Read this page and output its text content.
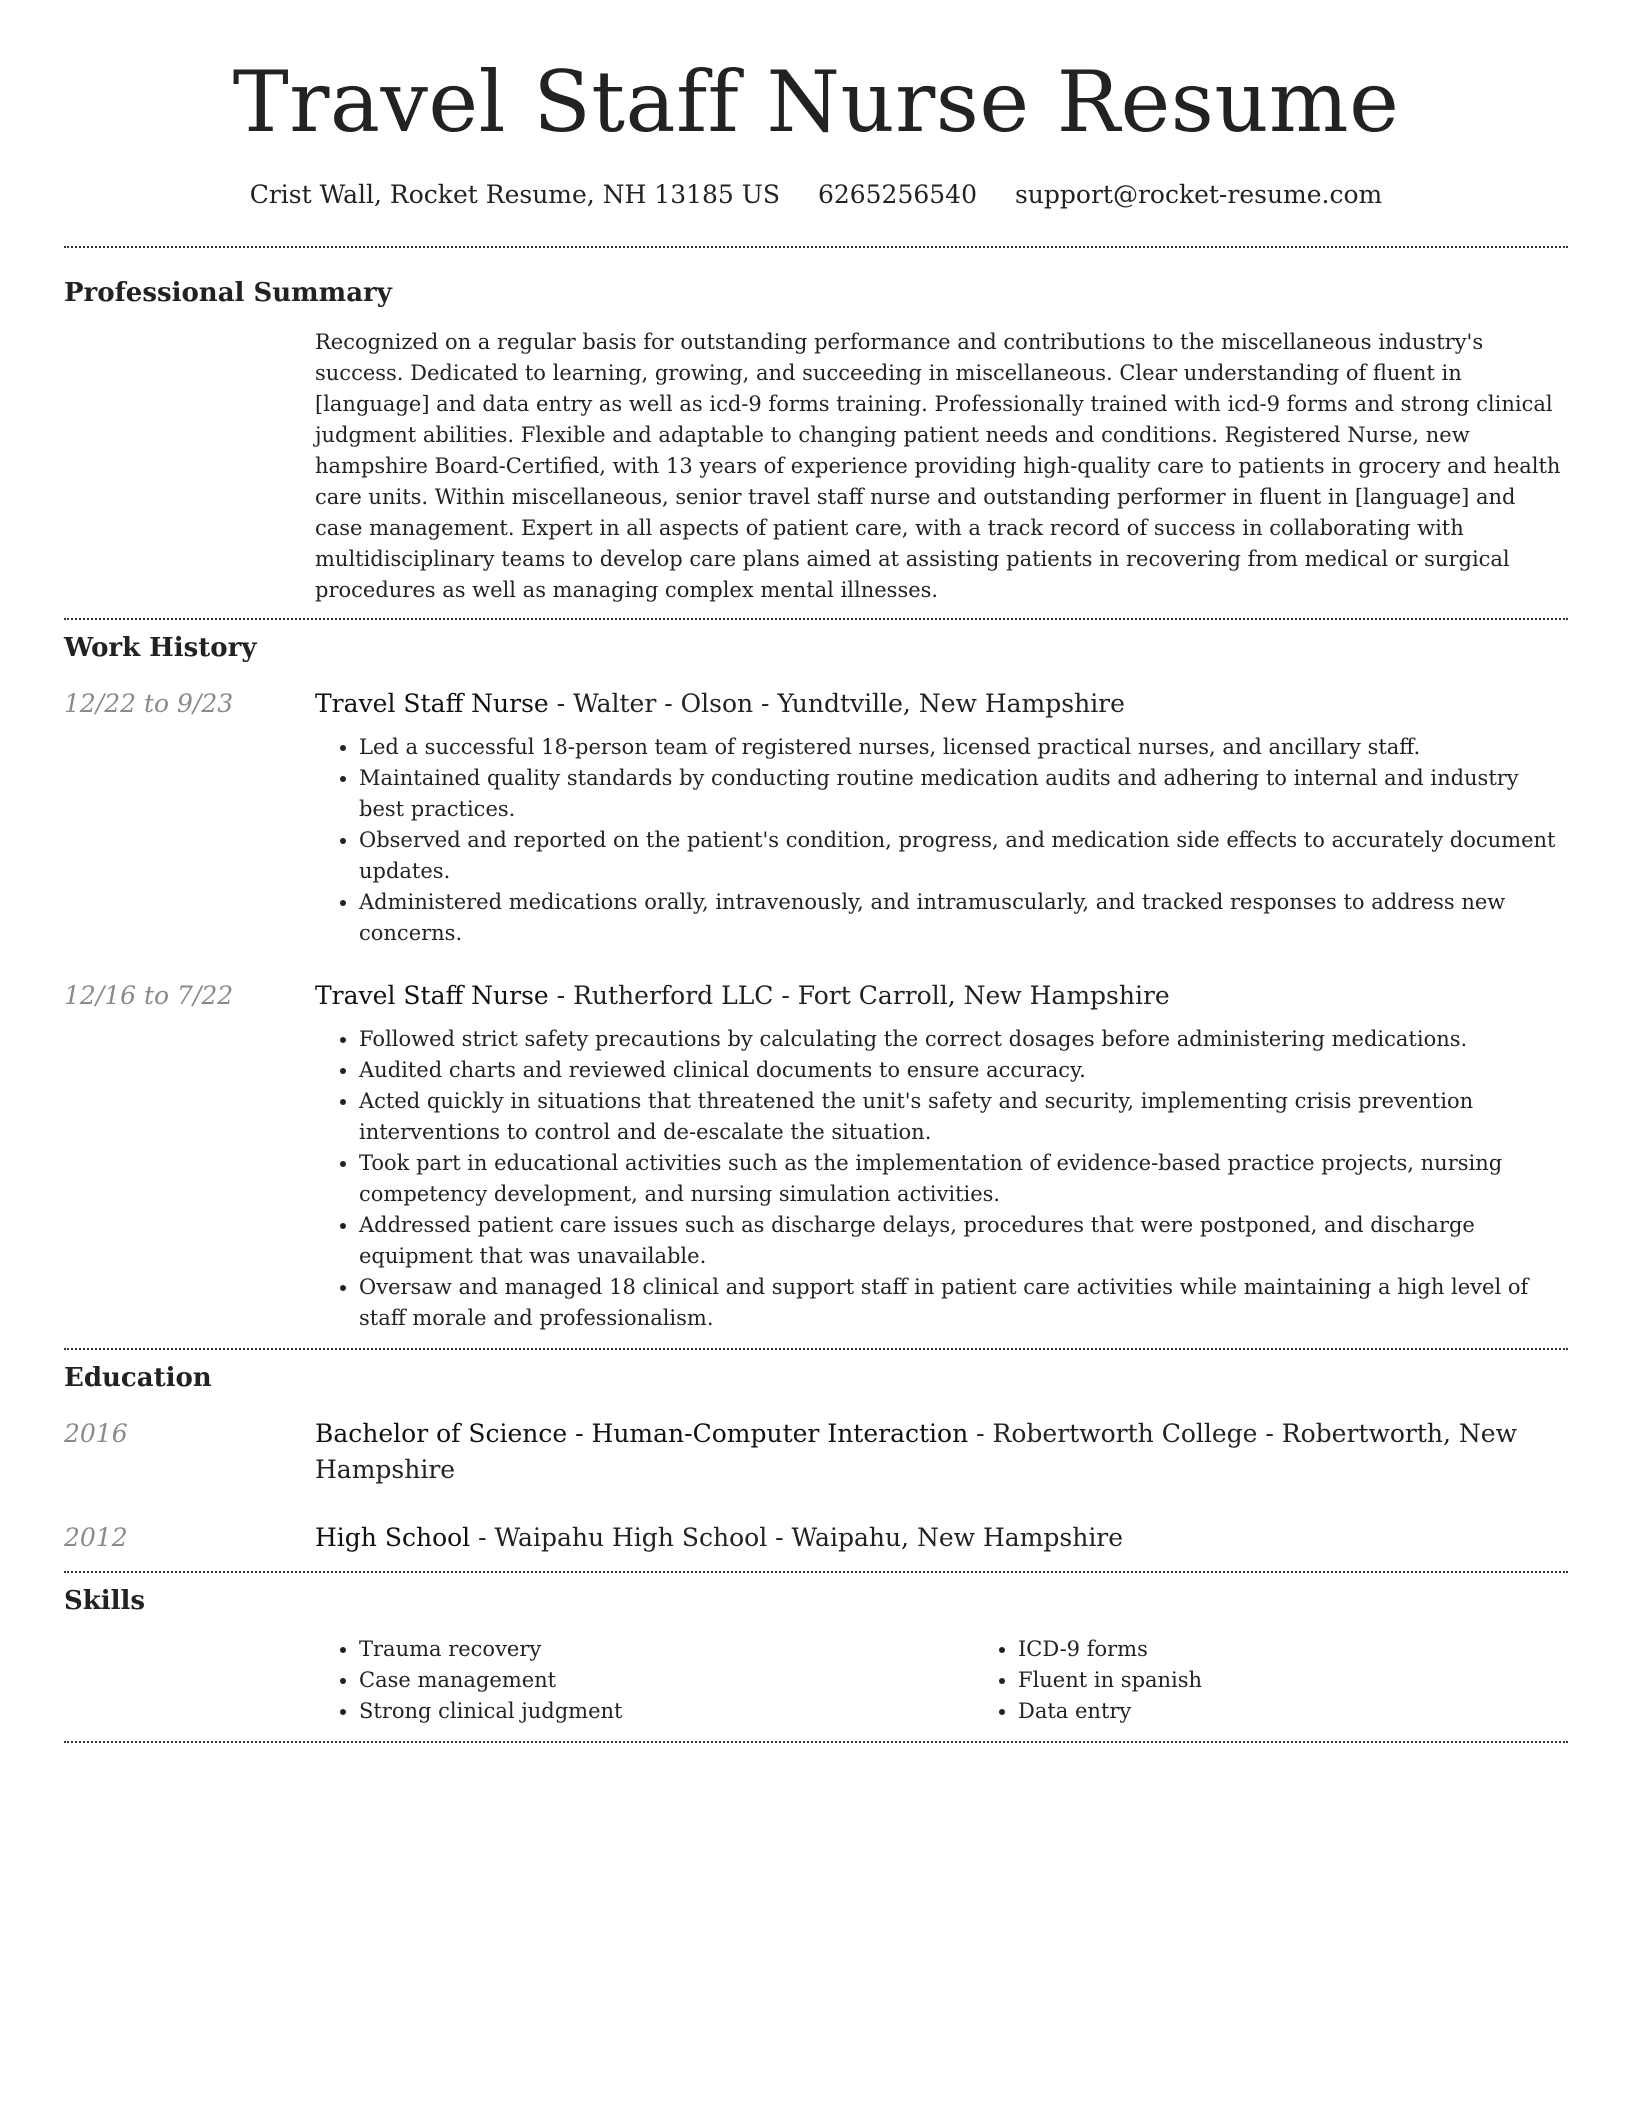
Travel Staff Nurse Resume
Crist Wall, Rocket Resume, NH 13185 US 6265256540 support@rocket-resume.com
Professional Summary

Recognized on a regular basis for outstanding performance and contributions to the miscellaneous industry's success. Dedicated to learning, growing, and succeeding in miscellaneous. Clear understanding of fluent in [language] and data entry as well as icd-9 forms training. Professionally trained with icd-9 forms and strong clinical judgment abilities. Flexible and adaptable to changing patient needs and conditions. Registered Nurse, new hampshire Board-Certified, with 13 years of experience providing high-quality care to patients in grocery and health care units. Within miscellaneous, senior travel staff nurse and outstanding performer in fluent in [language] and case management. Expert in all aspects of patient care, with a track record of success in collaborating with multidisciplinary teams to develop care plans aimed at assisting patients in recovering from medical or surgical procedures as well as managing complex mental illnesses.

Work History
12/22 to 9/23	Travel Staff Nurse - Walter - Olson - Yundtville, New Hampshire
• Led a successful 18-person team of registered nurses, licensed practical nurses, and ancillary staff.
• Maintained quality standards by conducting routine medication audits and adhering to internal and industry best practices.
• Observed and reported on the patient's condition, progress, and medication side effects to accurately document updates.
• Administered medications orally, intravenously, and intramuscularly, and tracked responses to address new concerns.
12/16 to 7/22	Travel Staff Nurse - Rutherford LLC - Fort Carroll, New Hampshire
• Followed strict safety precautions by calculating the correct dosages before administering medications.
• Audited charts and reviewed clinical documents to ensure accuracy.
• Acted quickly in situations that threatened the unit's safety and security, implementing crisis prevention interventions to control and de-escalate the situation.
• Took part in educational activities such as the implementation of evidence-based practice projects, nursing competency development, and nursing simulation activities.
• Addressed patient care issues such as discharge delays, procedures that were postponed, and discharge equipment that was unavailable.
• Oversaw and managed 18 clinical and support staff in patient care activities while maintaining a high level of staff morale and professionalism.
Education
2016	Bachelor of Science - Human-Computer Interaction - Robertworth College - Robertworth, New Hampshire
2012	High School - Waipahu High School - Waipahu, New Hampshire
Skills
• Trauma recovery
• Case management
• Strong clinical judgment
• ICD-9 forms
• Fluent in spanish
• Data entry
